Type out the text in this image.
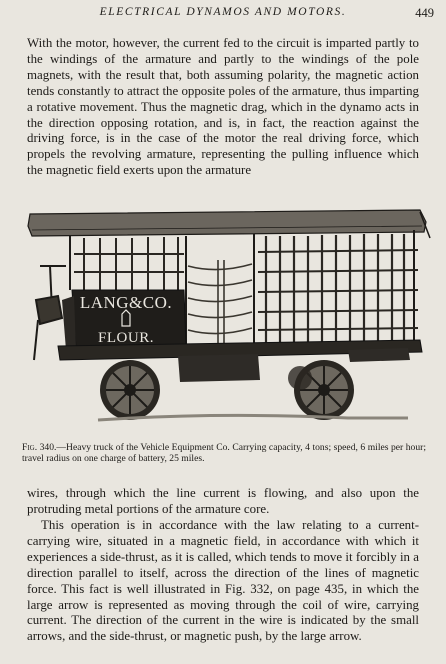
ELECTRICAL DYNAMOS AND MOTORS.	449

With the motor, however, the current fed to the circuit is imparted partly to the windings of the armature and partly to the windings of the pole magnets, with the result that, both assuming polarity, the magnetic action tends constantly to attract the opposite poles of the armature, thus imparting a rotative movement. Thus the magnetic drag, which in the dynamo acts in the direction opposing rotation, and is, in fact, the reaction against the driving force, is in the case of the motor the real driving force, which propels the revolving armature, representing the pulling influence which the magnetic field exerts upon the armature

LANG&CO.
FLOUR.
Fig. 340.—Heavy truck of the Vehicle Equipment Co. Carrying capacity, 4 tons; speed, 6 miles per hour; travel radius on one charge of battery, 25 miles.

wires, through which the line current is flowing, and also upon the protruding metal portions of the armature core.

This operation is in accordance with the law relating to a current-carrying wire, situated in a magnetic field, in accordance with which it experiences a side-thrust, as it is called, which tends to move it forcibly in a direction parallel to itself, across the direction of the lines of magnetic force. This fact is well illustrated in Fig. 332, on page 435, in which the large arrow is represented as moving through the coil of wire, carrying current. The direction of the current in the wire is indicated by the small arrows, and the side-thrust, or magnetic push, by the large arrow.
